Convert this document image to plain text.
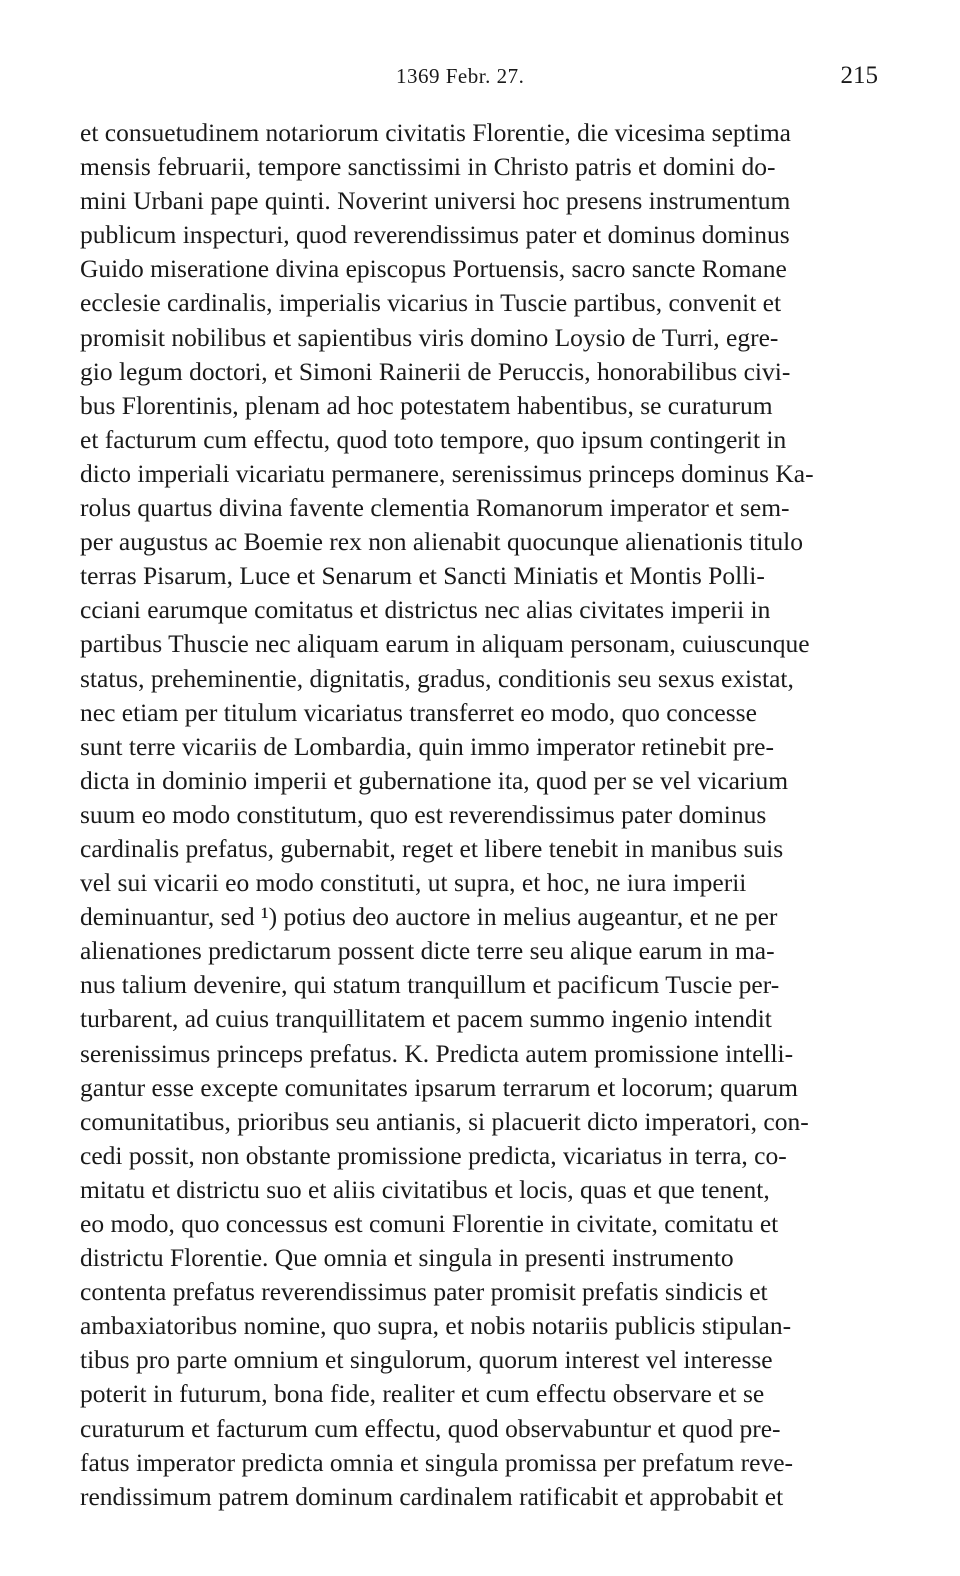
1369 Febr. 27.	215
et consuetudinem notariorum civitatis Florentie, die vicesima septima
mensis februarii, tempore sanctissimi in Christo patris et domini do-
mini Urbani pape quinti. Noverint universi hoc presens instrumentum
publicum inspecturi, quod reverendissimus pater et dominus dominus
Guido miseratione divina episcopus Portuensis, sacro sancte Romane
ecclesie cardinalis, imperialis vicarius in Tuscie partibus, convenit et
promisit nobilibus et sapientibus viris domino Loysio de Turri, egre-
gio legum doctori, et Simoni Rainerii de Peruccis, honorabilibus civi-
bus Florentinis, plenam ad hoc potestatem habentibus, se curaturum
et facturum cum effectu, quod toto tempore, quo ipsum contingerit in
dicto imperiali vicariatu permanere, serenissimus princeps dominus Ka-
rolus quartus divina favente clementia Romanorum imperator et sem-
per augustus ac Boemie rex non alienabit quocunque alienationis titulo
terras Pisarum, Luce et Senarum et Sancti Miniatis et Montis Polli-
cciani earumque comitatus et districtus nec alias civitates imperii in
partibus Thuscie nec aliquam earum in aliquam personam, cuiuscunque
status, preheminentie, dignitatis, gradus, conditionis seu sexus existat,
nec etiam per titulum vicariatus transferret eo modo, quo concesse
sunt terre vicariis de Lombardia, quin immo imperator retinebit pre-
dicta in dominio imperii et gubernatione ita, quod per se vel vicarium
suum eo modo constitutum, quo est reverendissimus pater dominus
cardinalis prefatus, gubernabit, reget et libere tenebit in manibus suis
vel sui vicarii eo modo constituti, ut supra, et hoc, ne iura imperii
deminuantur, sed ¹) potius deo auctore in melius augeantur, et ne per
alienationes predictarum possent dicte terre seu alique earum in ma-
nus talium devenire, qui statum tranquillum et pacificum Tuscie per-
turbarent, ad cuius tranquillitatem et pacem summo ingenio intendit
serenissimus princeps prefatus. K. Predicta autem promissione intelli-
gantur esse excepte comunitates ipsarum terrarum et locorum; quarum
comunitatibus, prioribus seu antianis, si placuerit dicto imperatori, con-
cedi possit, non obstante promissione predicta, vicariatus in terra, co-
mitatu et districtu suo et aliis civitatibus et locis, quas et que tenent,
eo modo, quo concessus est comuni Florentie in civitate, comitatu et
districtu Florentie. Que omnia et singula in presenti instrumento
contenta prefatus reverendissimus pater promisit prefatis sindicis et
ambaxiatoribus nomine, quo supra, et nobis notariis publicis stipulan-
tibus pro parte omnium et singulorum, quorum interest vel interesse
poterit in futurum, bona fide, realiter et cum effectu observare et se
curaturum et facturum cum effectu, quod observabuntur et quod pre-
fatus imperator predicta omnia et singula promissa per prefatum reve-
rendissimum patrem dominum cardinalem ratificabit et approbabit et
